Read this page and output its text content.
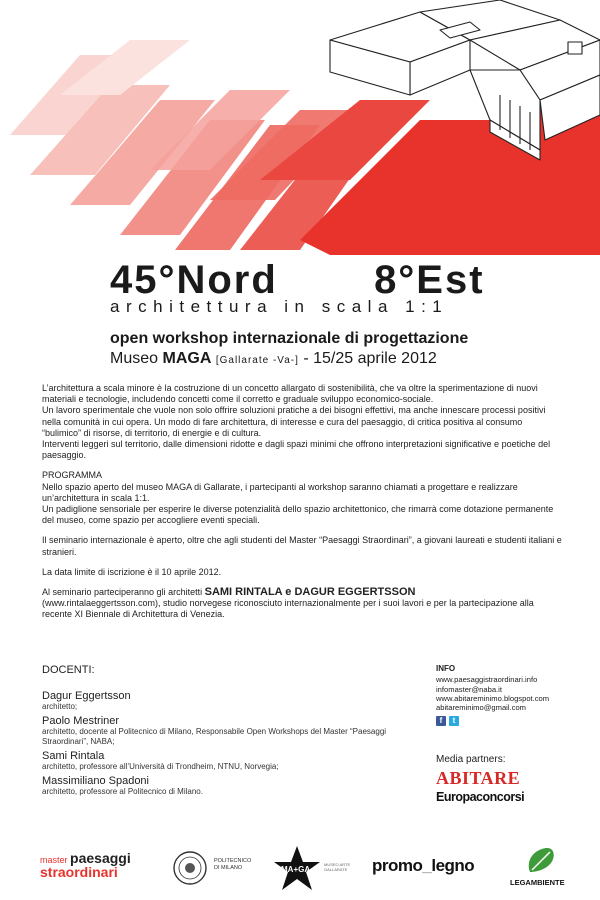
45°Nord 8°Est
architettura in scala 1:1
open workshop internazionale di progettazione
Museo MAGA [Gallarate -Va-] - 15/25 aprile 2012

L’architettura a scala minore è la costruzione di un concetto allargato di sostenibilità, che va oltre la sperimentazione di nuovi materiali e tecnologie, includendo concetti come il corretto e graduale sviluppo economico-sociale.

Un lavoro sperimentale che vuole non solo offrire soluzioni pratiche a dei bisogni effettivi, ma anche innescare processi positivi nella comunità in cui opera. Un modo di fare architettura, di interesse e cura del paesaggio, di critica positiva al consumo “bulimico” di risorse, di territorio, di energie e di cultura.

Interventi leggeri sul territorio, dalle dimensioni ridotte e dagli spazi minimi che offrono interpretazioni significative e poetiche del paesaggio.

PROGRAMMA

Nello spazio aperto del museo MAGA di Gallarate, i partecipanti al workshop saranno chiamati a progettare e realizzare un’architettura in scala 1:1.

Un padiglione sensoriale per esperire le diverse potenzialità dello spazio architettonico, che rimarrà come dotazione permanente del museo, come spazio per accogliere eventi speciali.

Il seminario internazionale è aperto, oltre che agli studenti del Master “Paesaggi Straordinari”, a giovani laureati e studenti italiani e stranieri.

La data limite di iscrizione è il 10 aprile 2012.

Al seminario parteciperanno gli architetti SAMI RINTALA e DAGUR EGGERTSSON
(www.rintalaeggertsson.com), studio norvegese riconosciuto internazionalmente per i suoi lavori e per la partecipazione alla recente XI Biennale di Architettura di Venezia.

DOCENTI:
Dagur Eggertsson
architetto;
Paolo Mestriner
architetto, docente al Politecnico di Milano, Responsabile Open Workshops del Master “Paesaggi Straordinari”, NABA;
Sami Rintala
architetto, professore all’Università di Trondheim, NTNU, Norvegia;
Massimiliano Spadoni
architetto, professore al Politecnico di Milano.
INFO
www.paesaggistraordinari.info
infomaster@naba.it
www.abitareminimo.blogspot.com
abitareminimo@gmail.com
f	t
Media partners:
ABITARE
Europaconcorsi
master paesaggi
straordinari
POLITECNICO
DI MILANO	MA+GA
MUSEO ARTE GALLARATE promo_legno
LEGAMBIENTE
